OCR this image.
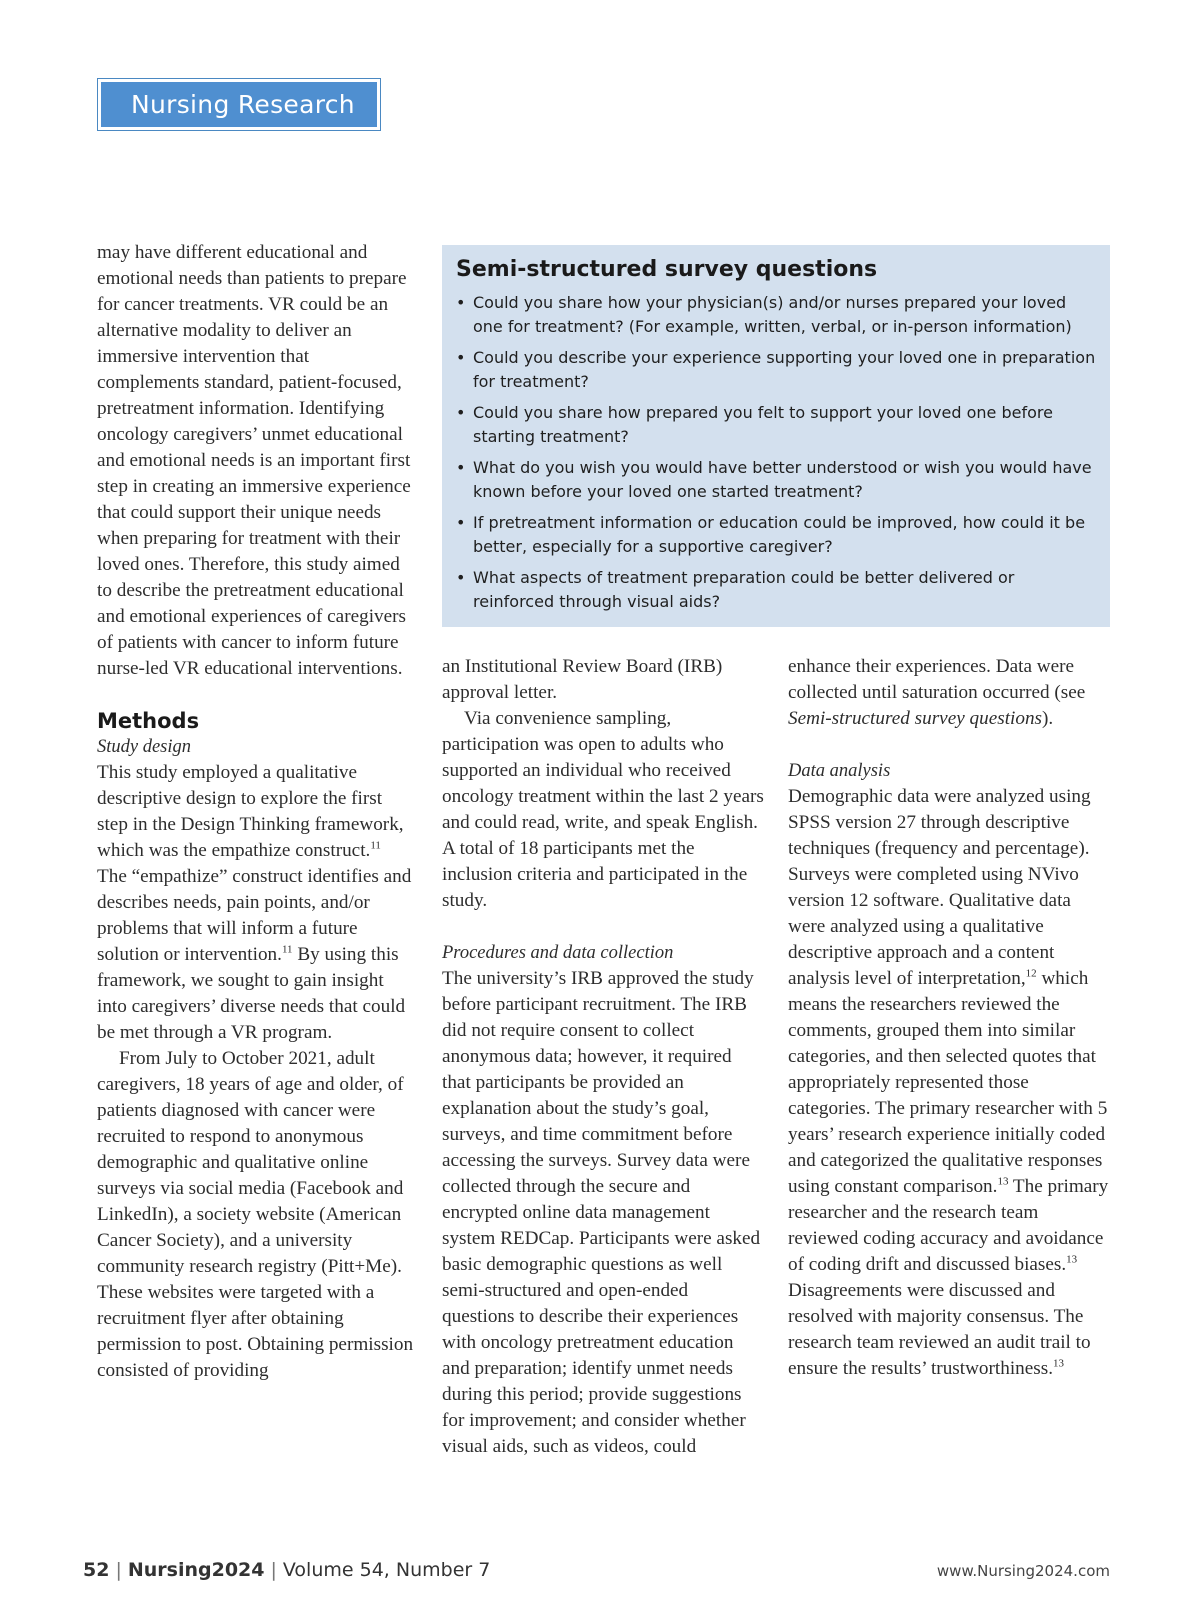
Nursing Research

may have different educational and emotional needs than patients to prepare for cancer treatments. VR could be an alternative modality to deliver an immersive intervention that complements standard, patient-focused, pretreatment information. Identifying oncology caregivers’ unmet educational and emotional needs is an important first step in creating an immersive experience that could support their unique needs when preparing for treatment with their loved ones. Therefore, this study aimed to describe the pretreatment educational and emotional experiences of caregivers of patients with cancer to inform future nurse-led VR educational interventions.

Methods
Study design

This study employed a qualitative descriptive design to explore the first step in the Design Thinking framework, which was the empathize construct.$^{11}$ The “empathize” construct identifies and describes needs, pain points, and/or problems that will inform a future solution or intervention.$^{11}$ By using this framework, we sought to gain insight into caregivers’ diverse needs that could be met through a VR program.

From July to October 2021, adult caregivers, 18 years of age and older, of patients diagnosed with cancer were recruited to respond to anonymous demographic and qualitative online surveys via social media (Facebook and LinkedIn), a society website (American Cancer Society), and a university community research registry (Pitt+Me). These websites were targeted with a recruitment flyer after obtaining permission to post. Obtaining permission consisted of providing

Semi-structured survey questions
• Could you share how your physician(s) and/or nurses prepared your loved one for treatment? (For example, written, verbal, or in-person information)
• Could you describe your experience supporting your loved one in preparation for treatment?
• Could you share how prepared you felt to support your loved one before starting treatment?
• What do you wish you would have better understood or wish you would have known before your loved one started treatment?
• If pretreatment information or education could be improved, how could it be better, especially for a supportive caregiver?
• What aspects of treatment preparation could be better delivered or reinforced through visual aids?

an Institutional Review Board (IRB) approval letter.

Via convenience sampling, participation was open to adults who supported an individual who received oncology treatment within the last 2 years and could read, write, and speak English. A total of 18 participants met the inclusion criteria and participated in the study.

Procedures and data collection

The university’s IRB approved the study before participant recruitment. The IRB did not require consent to collect anonymous data; however, it required that participants be provided an explanation about the study’s goal, surveys, and time commitment before accessing the surveys. Survey data were collected through the secure and encrypted online data management system REDCap. Participants were asked basic demographic questions as well semi-structured and open-ended questions to describe their experiences with oncology pretreatment education and preparation; identify unmet needs during this period; provide suggestions for improvement; and consider whether visual aids, such as videos, could

enhance their experiences. Data were collected until saturation occurred (see Semi-structured survey questions).

Data analysis

Demographic data were analyzed using SPSS version 27 through descriptive techniques (frequency and percentage). Surveys were completed using NVivo version 12 software. Qualitative data were analyzed using a qualitative descriptive approach and a content analysis level of interpretation,$^{12}$ which means the researchers reviewed the comments, grouped them into similar categories, and then selected quotes that appropriately represented those categories. The primary researcher with 5 years’ research experience initially coded and categorized the qualitative responses using constant comparison.$^{13}$ The primary researcher and the research team reviewed coding accuracy and avoidance of coding drift and discussed biases.$^{13}$ Disagreements were discussed and resolved with majority consensus. The research team reviewed an audit trail to ensure the results’ trustworthiness.$^{13}$

52 | Nursing2024 | Volume 54, Number 7	www.Nursing2024.com
